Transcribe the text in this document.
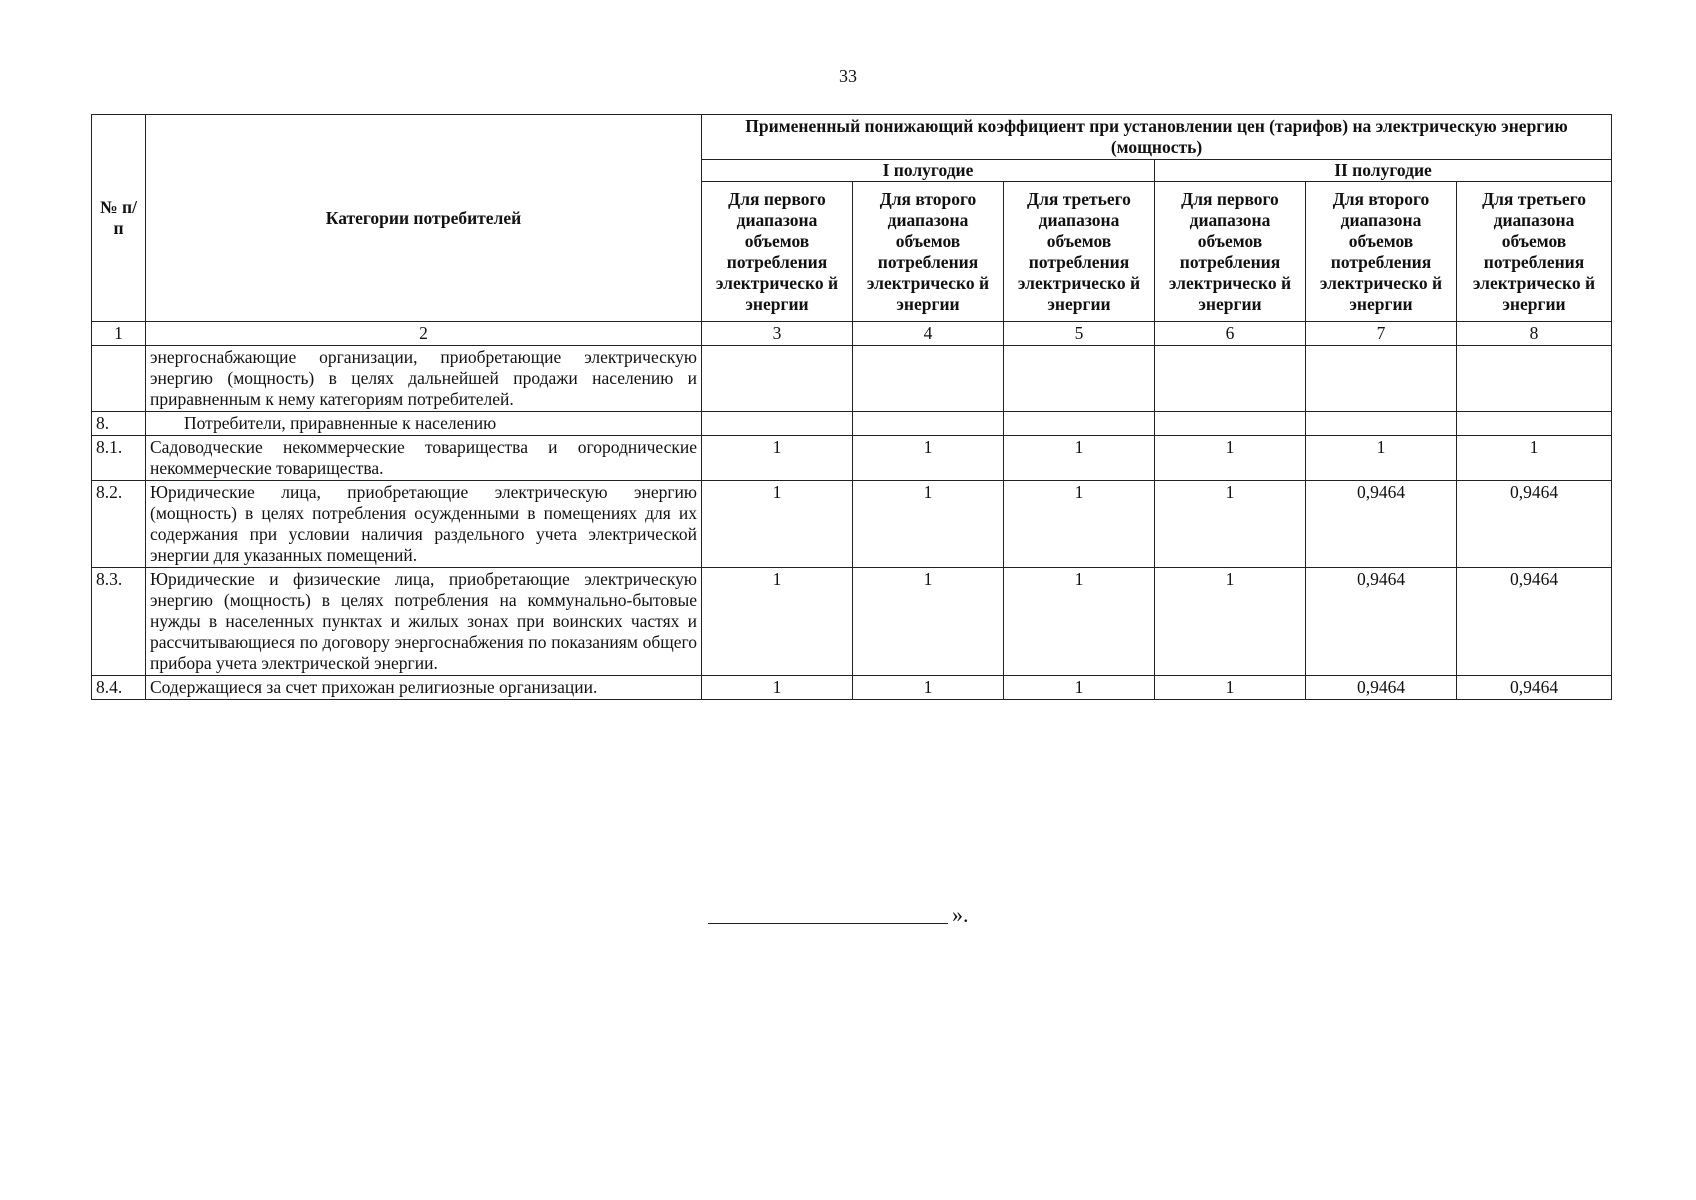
33
№ п/п	Категории потребителей	Примененный понижающий коэффициент при установлении цен (тарифов) на электрическую энергию (мощность)					
		I полугодие			II полугодие		
		Для первого диапазона объемов потребления электрическо й энергии	Для второго диапазона объемов потребления электрическо й энергии	Для третьего диапазона объемов потребления электрическо й энергии	Для первого диапазона объемов потребления электрическо й энергии	Для второго диапазона объемов потребления электрическо й энергии	Для третьего диапазона объемов потребления электрическо й энергии
1	2	3	4	5	6	7	8
	энергоснабжающие организации, приобретающие электрическую энергию (мощность) в целях дальнейшей продажи населению и приравненным к нему категориям потребителей.						
8.	Потребители, приравненные к населению						
8.1.	Садоводческие некоммерческие товарищества и огороднические некоммерческие товарищества.	1	1	1	1	1	1
8.2.	Юридические лица, приобретающие электрическую энергию (мощность) в целях потребления осужденными в помещениях для их содержания при условии наличия раздельного учета электрической энергии для указанных помещений.	1	1	1	1	0,9464	0,9464
8.3.	Юридические и физические лица, приобретающие электрическую энергию (мощность) в целях потребления на коммунально-бытовые нужды в населенных пунктах и жилых зонах при воинских частях и рассчитывающиеся по договору энергоснабжения по показаниям общего прибора учета электрической энергии.	1	1	1	1	0,9464	0,9464
8.4.	Содержащиеся за счет прихожан религиозные организации.	1	1	1	1	0,9464	0,9464
».
